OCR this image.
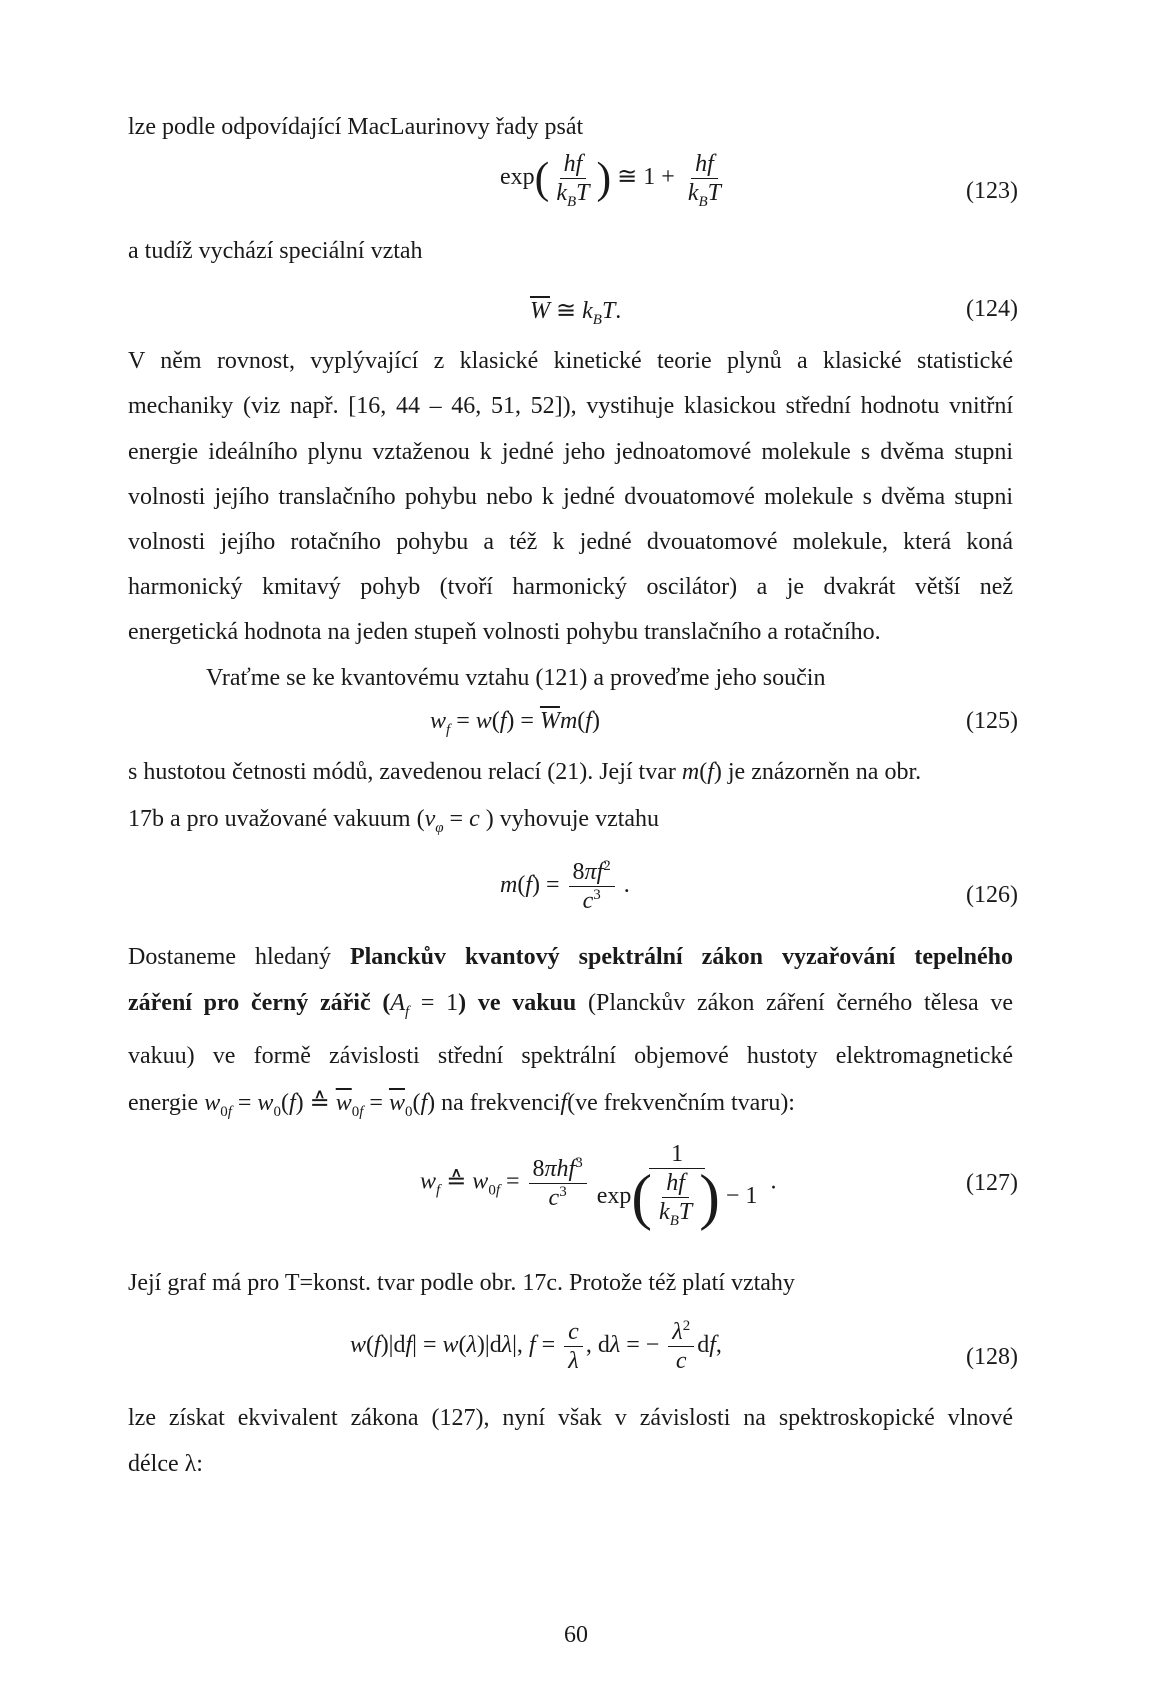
lze podle odpovídající MacLaurinovy řady psát
$\exp( \frac{hf}{k_BT}$ ) ≅ $1 + \frac{hf}{k_BT}$	(123)
a tudíž vychází speciální vztah
$\overline{W}$ ≅ $k_BT$.	(124)
V něm rovnost, vyplývající z klasické kinetické teorie plynů a klasické statistické
mechaniky (viz např. [16, 44 – 46, 51, 52]), vystihuje klasickou střední hodnotu vnitřní
energie ideálního plynu vztaženou k jedné jeho jednoatomové molekule s dvěma stupni
volnosti jejího translačního pohybu nebo k jedné dvouatomové molekule s dvěma stupni
volnosti jejího rotačního pohybu a též k jedné dvouatomové molekule, která koná
harmonický kmitavý pohyb (tvoří harmonický oscilátor) a je dvakrát větší než
energetická hodnota na jeden stupeň volnosti pohybu translačního a rotačního.
Vraťme se ke kvantovému vztahu (121) a proveďme jeho součin
$w_f = w(f) = \overline{W}m(f)$	(125)
s hustotou četnosti módů, zavedenou relací (21). Její tvar m(f) je znázorněn na obr.
17b a pro uvažované vakuum ($v_\varphi = c$ ) vyhovuje vztahu
$m(f) = \frac{8\pi f^2}{c^3}$ .	(126)
Dostaneme hledaný Planckův kvantový spektrální zákon vyzařování tepelného
záření pro černý zářič $(A_f = 1)$ ve vakuu (Planckův zákon záření černého tělesa ve
vakuu) ve formě závislosti střední spektrální objemové hustoty elektromagnetické
energie $w_{0f} = w_0(f)$ ≙ $\overline{w}_{0f} = \overline{w}_0(f)$ na frekvencif(ve frekvenčním tvaru):
$w_f$ ≙ $w_{0f} = \frac{8\pi hf^3}{c^3} \frac{1}{\exp( \frac{hf}{k_BT} ) - 1}$ .	(127)
Její graf má pro T=konst. tvar podle obr. 17c. Protože též platí vztahy
w(f)|df| = w(λ)|dλ|, $f = \frac{c}{\lambda}$ , dλ = − $\frac{\lambda^2}{c}$ df,	(128)
lze získat ekvivalent zákona (127), nyní však v závislosti na spektroskopické vlnové
délce λ:
60
